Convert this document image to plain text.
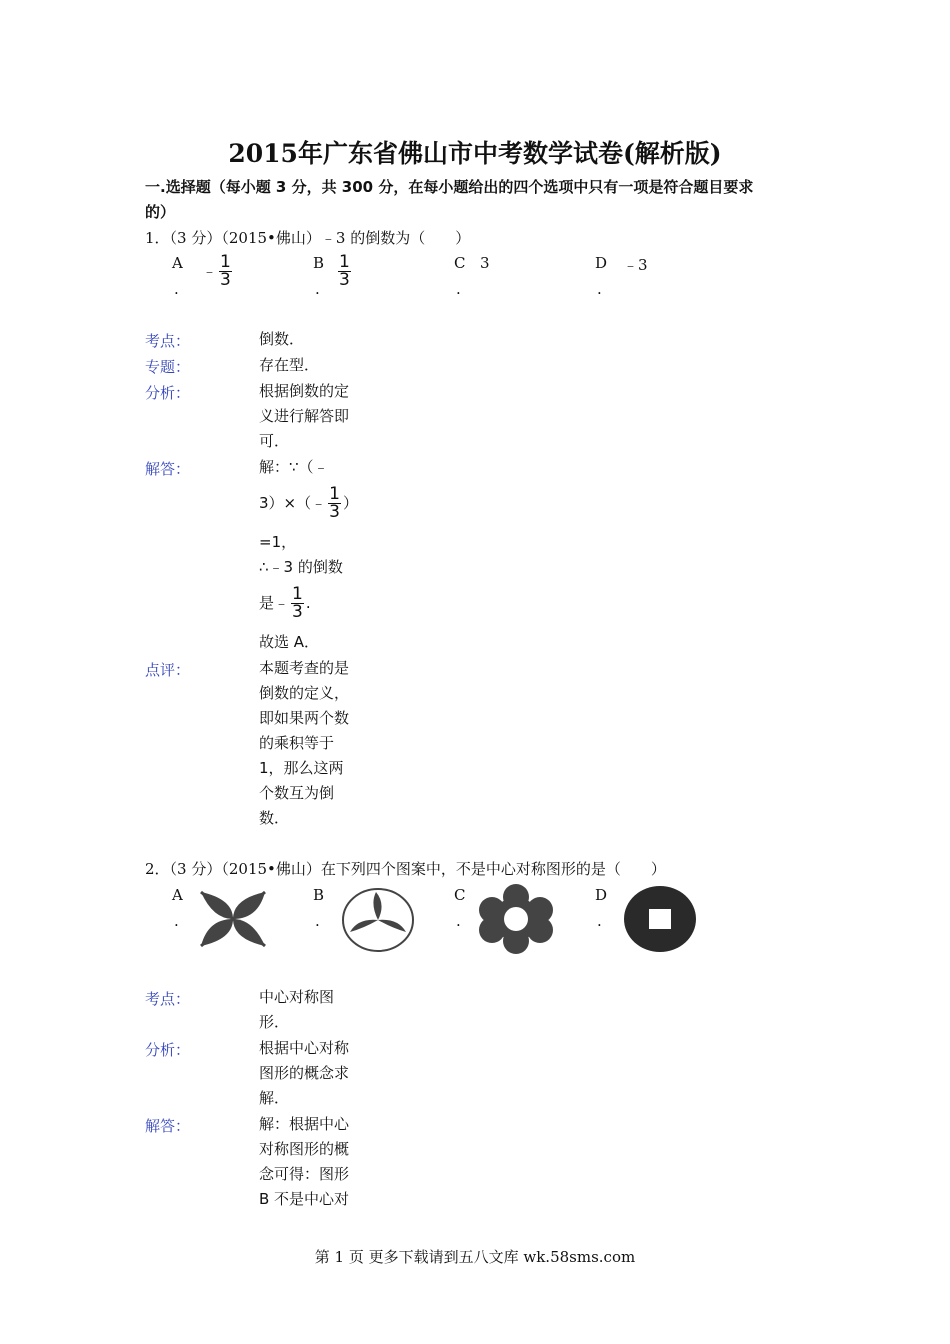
2015年广东省佛山市中考数学试卷(解析版)
一.选择题（每小题 3 分，共 300 分，在每小题给出的四个选项中只有一项是符合题目要求
的）
1．（3 分）（2015•佛山）﹣3 的倒数为（　　）
A
.
﹣ $\frac{1}{3}$	B
. $\frac{1}{3}$	C
.
3	D
.
﹣3
考点：	倒数．
专题：	存在型．
分析：	根据倒数的定
义进行解答即
可．
解答：	解：∵（﹣
3）×（﹣ $\frac{1}{3}$ ）
=1，
∴﹣3 的倒数
是﹣ $\frac{1}{3}$ .
故选 A．
点评：	本题考查的是
倒数的定义，
即如果两个数
的乘积等于
1，那么这两
个数互为倒
数．
2．（3 分）（2015•佛山）在下列四个图案中，不是中心对称图形的是（　　）
A
.
B
.
C
.
D
.
考点：	中心对称图
形．
分析：	根据中心对称
图形的概念求
解．
解答：	解：根据中心
对称图形的概
念可得：图形
B 不是中心对
第 1 页 更多下载请到五八文库 wk.58sms.com
